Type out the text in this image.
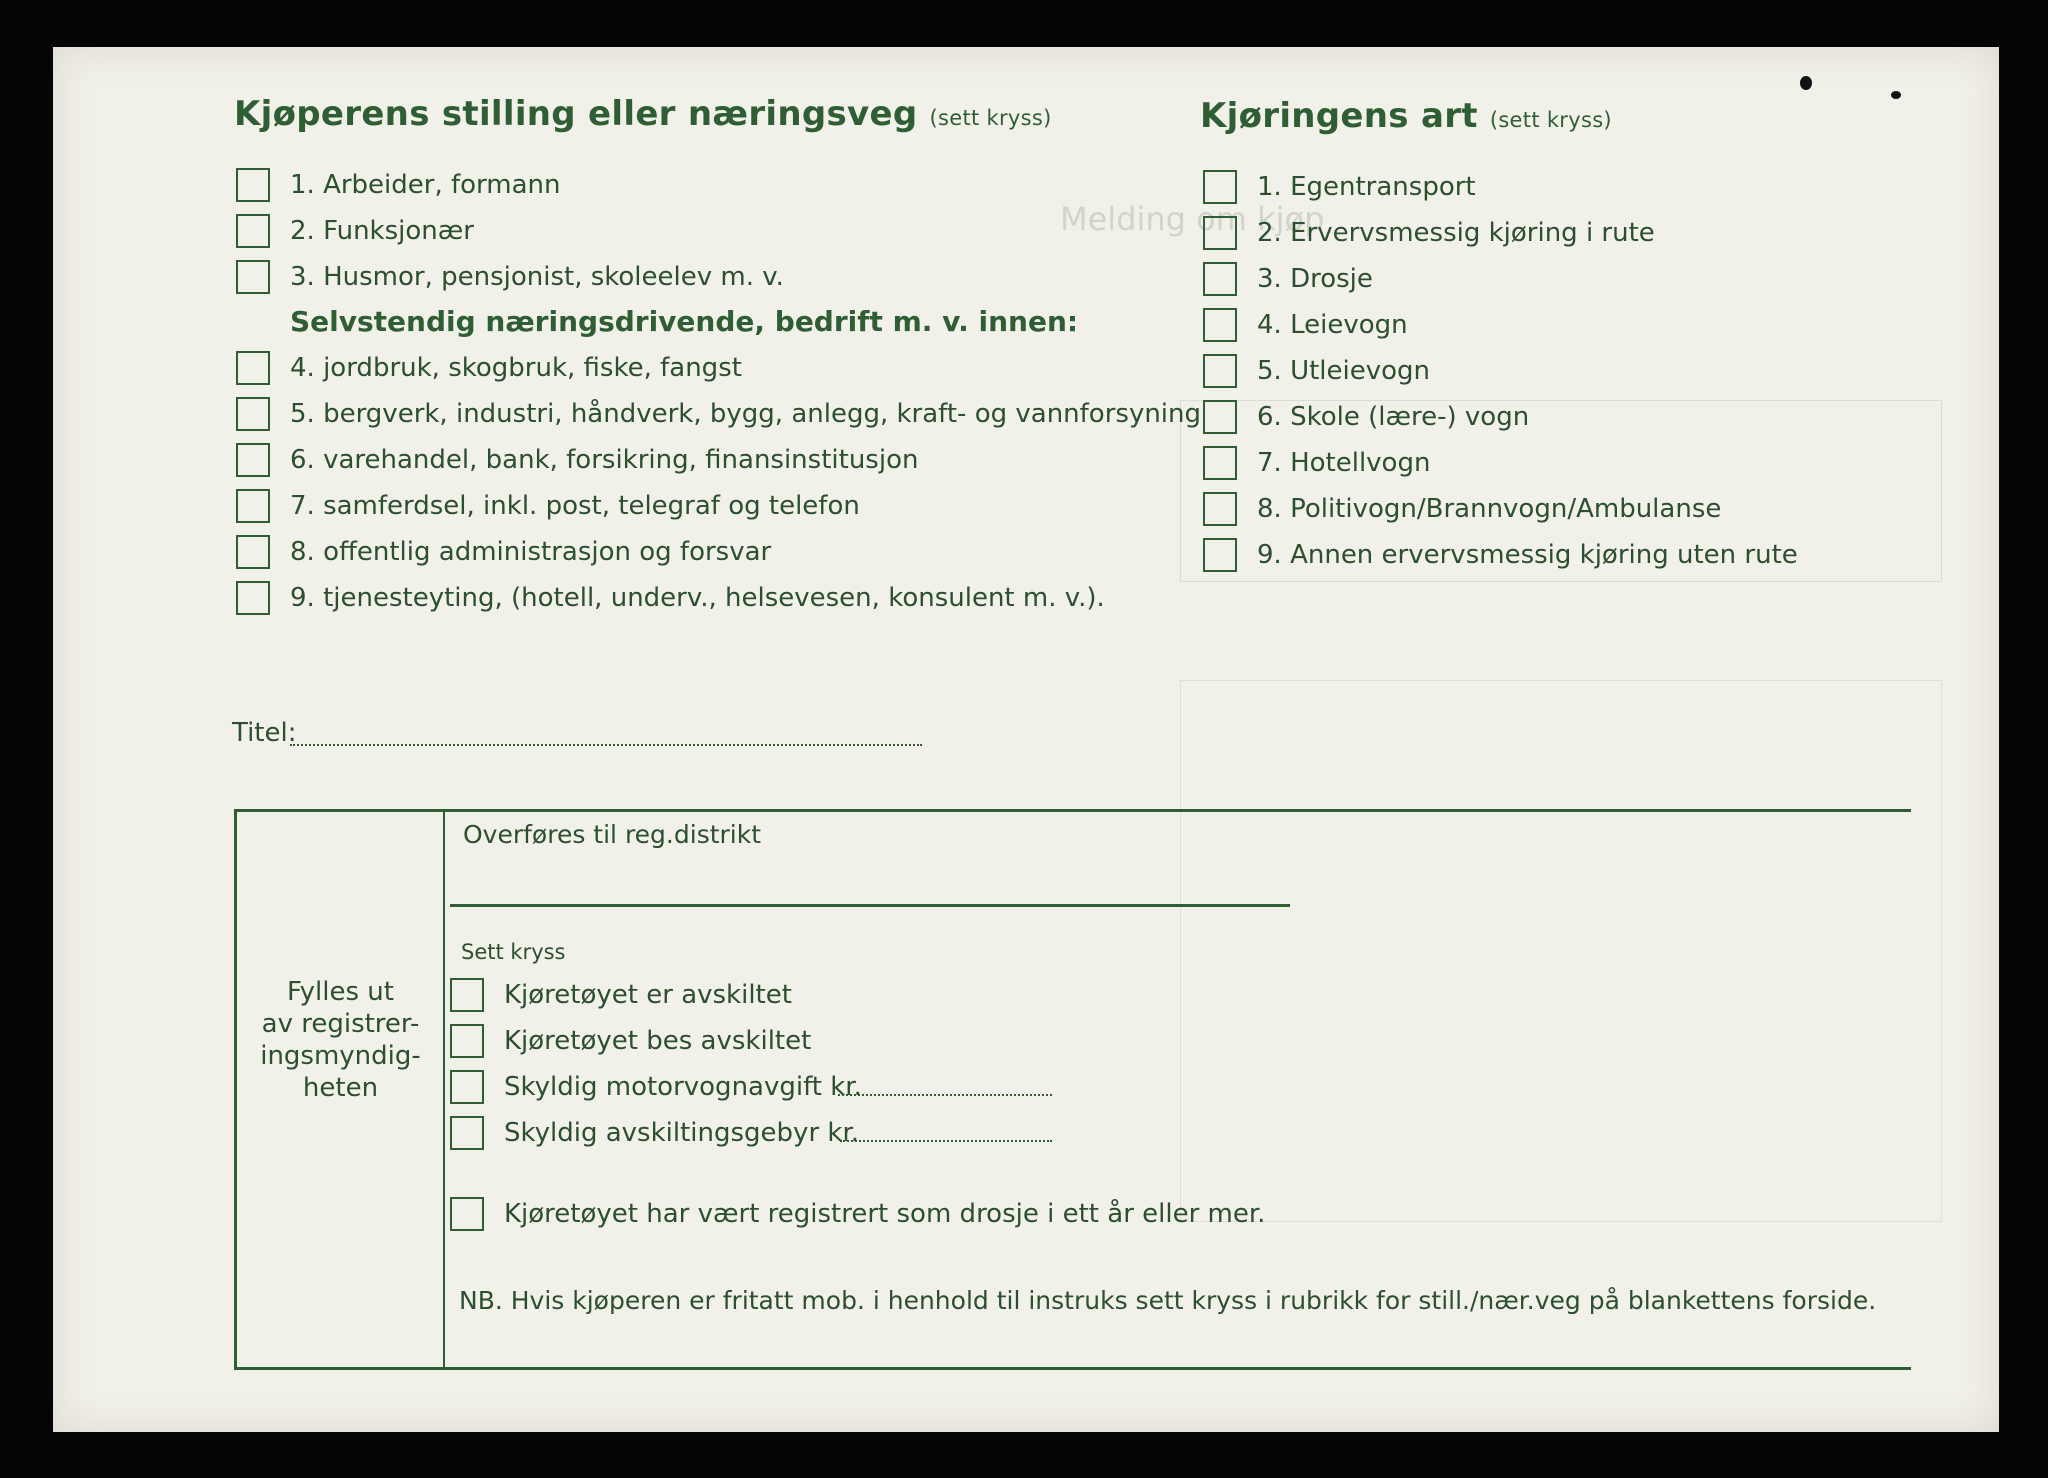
Melding om kjøp
Kjøperens stilling eller næringsveg (sett kryss)
1. Arbeider, formann
2. Funksjonær
3. Husmor, pensjonist, skoleelev m. v.
Selvstendig næringsdrivende, bedrift m. v. innen:
4. jordbruk, skogbruk, fiske, fangst
5. bergverk, industri, håndverk, bygg, anlegg, kraft- og vannforsyning
6. varehandel, bank, forsikring, finansinstitusjon
7. samferdsel, inkl. post, telegraf og telefon
8. offentlig administrasjon og forsvar
9. tjenesteyting, (hotell, underv., helsevesen, konsulent m. v.).
Kjøringens art (sett kryss)
1. Egentransport
2. Ervervsmessig kjøring i rute
3. Drosje
4. Leievogn
5. Utleievogn
6. Skole (lære-) vogn
7. Hotellvogn
8. Politivogn/Brannvogn/Ambulanse
9. Annen ervervsmessig kjøring uten rute
Titel:
Fylles ut
av registrer-
ingsmyndig-
heten
Overføres til reg.distrikt
Sett kryss
Kjøretøyet er avskiltet
Kjøretøyet bes avskiltet
Skyldig motorvognavgift kr.
Skyldig avskiltingsgebyr kr.
Kjøretøyet har vært registrert som drosje i ett år eller mer.
NB. Hvis kjøperen er fritatt mob. i henhold til instruks sett kryss i rubrikk for still./nær.veg på blankettens forside.
